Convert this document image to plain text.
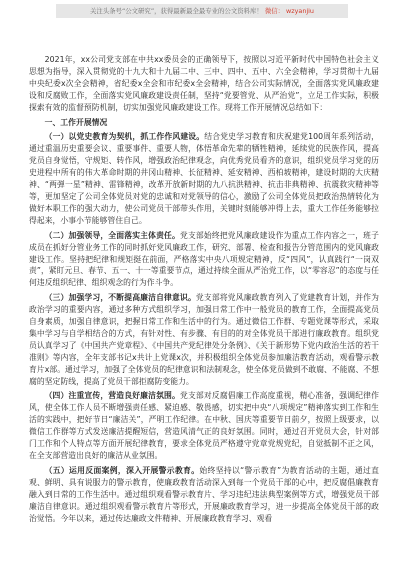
关注头条号“公文研究”，获得最新最全最专业的公文资料库！ 微信： wzyanjiu

2021年，xx公司党支部在中共xx委员会的正确领导下，按照以习近平新时代中国特色社会主义思想为指导，深入贯彻党的十九大和十九届二中、三中、四中、五中、六全会精神，学习贯彻十九届中央纪委x次全会精神，省纪委x全会和市纪委x全会精神，结合公司实际情况，全面落实党风廉政建设和反腐败工作，全面落实党风廉政建设责任制，坚持“党要管党、从严治党”，立足工作实际，积极探索有效的监督预防机制，切实加强党风廉政建设工作。现将工作开展情况总结如下：

一、工作开展情况

（一）以党史教育为契机，抓工作作风建设。结合党史学习教育和庆祝建党100周年系列活动，通过重温历史重要会议、重要事件、重要人物，体悟革命先辈的牺牲精神，延续党的民族作风，提高党员自身觉悟，守规矩、转作风，增强政治纪律观念，向优秀党员看齐的意识，组织党员学习党的历史进程中所有的伟大革命时期的井冈山精神、长征精神、延安精神、西柏坡精神，建设时期的大庆精神、“两弹一星”精神、雷锋精神，改革开放新时期的九八抗洪精神、抗击非典精神、抗震救灾精神等等，更加坚定了公司全体党员对党的忠诚和对党领导的信心，激励了公司全体党员把政治热情转化为做好本职工作的强大动力，使公司党员干部带头作用，关键时刻能够冲得上去，重大工作任务能够拉得起来，小事小节能够管住自己。

（二）加强领导，全面落实主体责任。党支部始终把党风廉政建设作为重点工作内容之一，班子成员在抓好分管业务工作的同时抓好党风廉政工作，研究、部署、检查和报告分管范围内的党风廉政建设工作。坚持把纪律和规矩挺在前面，严格落实中央八项规定精神，反“四风”，认真践行“一岗双责”，紧盯元旦、春节、五一、十一等重要节点，通过持续全面从严治党工作，以“零容忍”的态度与任何违反组织纪律、组织观念的行为作斗争。

（三）加强学习，不断提高廉洁自律意识。党支部将党风廉政教育列入了党建教育计划，并作为政治学习的重要内容，通过多种方式组织学习，加强日常工作中一般党员的教育工作，全面提高党员自身素质，加强自律意识，把握日常工作和生活中的行为。通过微信工作群、专题党课等形式，采取集中学习与自学相结合的方式，有针对性、有步骤、有目的的对全体党员干部进行廉政教育。组织党员认真学习了《中国共产党章程》、《中国共产党纪律处分条例》、《关于新形势下党内政治生活的若干准则》等内容，全年支部书记x共计上党课x次，并积极组织全体党员参加廉洁教育活动，观看警示教育片x部。通过学习，加强了全体党员的纪律意识和法制观念，使全体党员做到不敢腐、不能腐、不想腐的坚定防线，提高了党员干部拒腐防变能力。

（四）注重宣传，营造良好廉洁氛围。党支部对反腐倡廉工作高度重视，精心准备，强调纪律作风，使全体工作人员不断增强责任感、紧迫感、敬畏感，切实把中央“八项规定”精神落实到工作和生活的实践中，把好节日“廉洁关”，严明工作纪律。在中秋、国庆等重要节日前夕，按照上级要求，以微信工作群等方式发送廉洁提醒短信，营造风清气正的良好氛围。同时，通过召开党员大会，针对部门工作和个人特点等方面开展纪律教育，要求全体党员严格遵守党章党规党纪，自觉抵制不正之风，在全支部营造出良好的廉洁从业氛围。

（五）运用反面案例，深入开展警示教育。始终坚持以“警示教育”为教育活动的主题，通过直观、鲜明、具有说服力的警示教育，使廉政教育活动深入到每一个党员干部的心中，把反腐倡廉教育融入到日常的工作生活中。通过组织观看警示教育片、学习违纪违法典型案例等方式，增强党员干部廉洁自律意识。通过组织观看警示教育片等形式，开展廉政教育学习，进一步提高全体党员干部的政治觉悟。今年以来，通过传达廉政文件精神、开展廉政教育学习、观看
